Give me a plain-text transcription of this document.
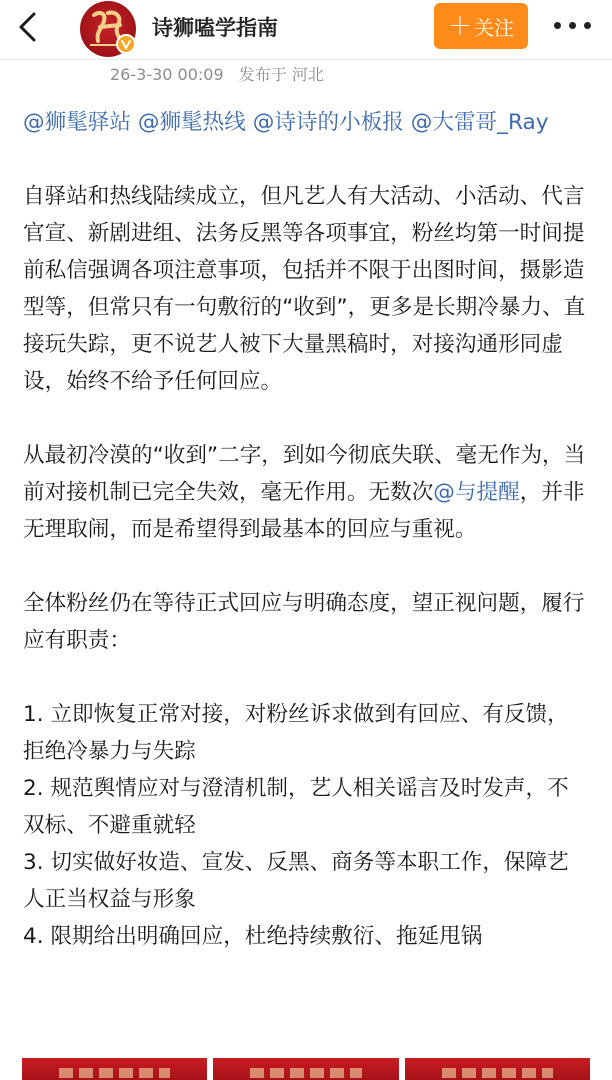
诗狮嗑学指南	＋ 关注
26-3-30 00:09 发布于 河北

@狮髦驿站 @狮髦热线 @诗诗的小板报 @大雷哥_Ray

自驿站和热线陆续成立，但凡艺人有大活动、小活动、代言官宣、新剧进组、法务反黑等各项事宜，粉丝均第一时间提前私信强调各项注意事项，包括并不限于出图时间，摄影造型等，但常只有一句敷衍的“收到”，更多是长期冷暴力、直接玩失踪，更不说艺人被下大量黑稿时，对接沟通形同虚设，始终不给予任何回应。

从最初冷漠的“收到”二字，到如今彻底失联、毫无作为，当前对接机制已完全失效，毫无作用。无数次@与提醒，并非无理取闹，而是希望得到最基本的回应与重视。

全体粉丝仍在等待正式回应与明确态度，望正视问题，履行应有职责：

1. 立即恢复正常对接，对粉丝诉求做到有回应、有反馈，拒绝冷暴力与失踪

2. 规范舆情应对与澄清机制，艺人相关谣言及时发声，不双标、不避重就轻

3. 切实做好妆造、宣发、反黑、商务等本职工作，保障艺人正当权益与形象

4. 限期给出明确回应，杜绝持续敷衍、拖延甩锅
